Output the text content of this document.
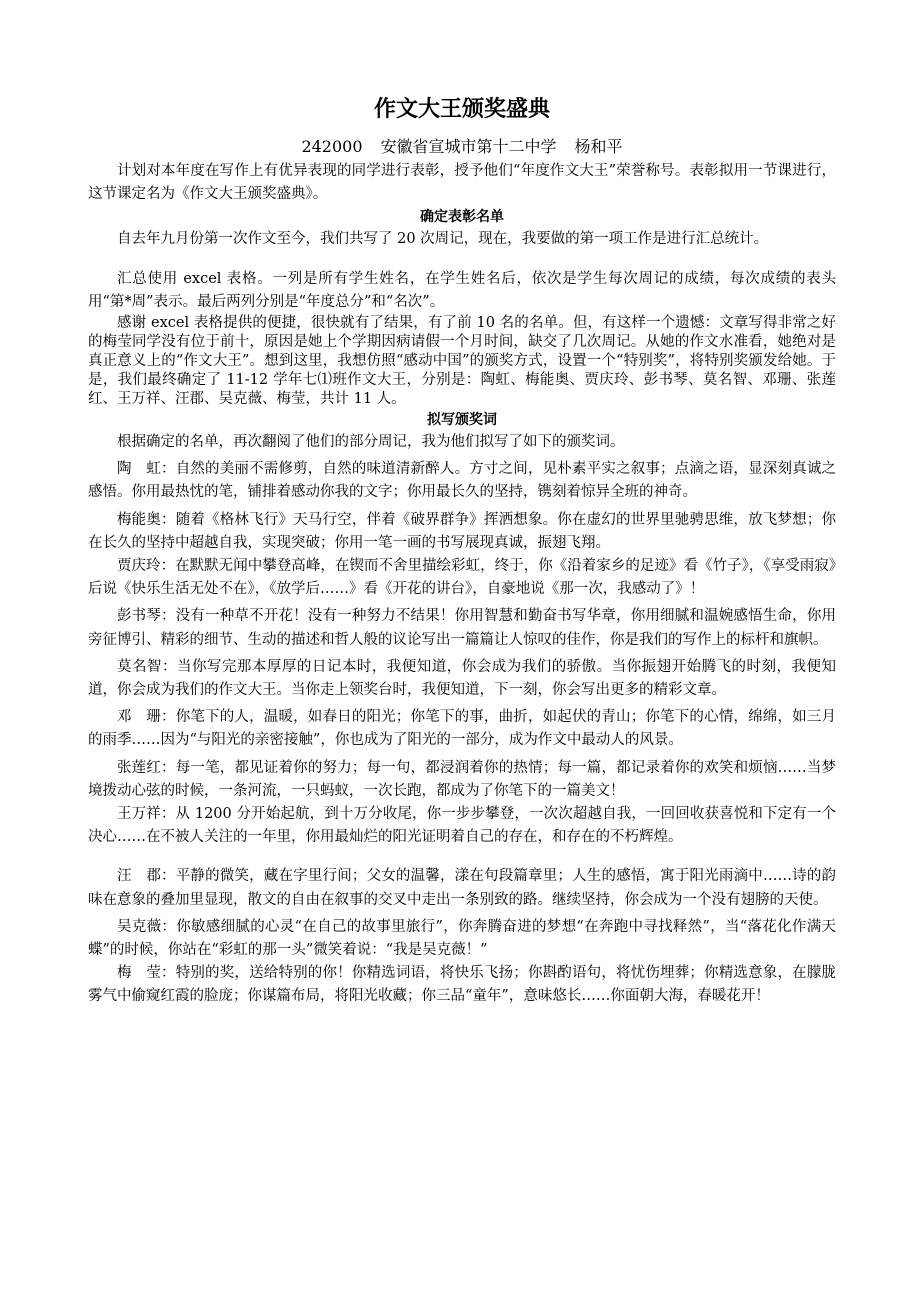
作文大王颁奖盛典
242000 安徽省宣城市第十二中学 杨和平

计划对本年度在写作上有优异表现的同学进行表彰，授予他们“年度作文大王”荣誉称号。表彰拟用一节课进行，这节课定名为《作文大王颁奖盛典》。

确定表彰名单

自去年九月份第一次作文至今，我们共写了 20 次周记，现在，我要做的第一项工作是进行汇总统计。

汇总使用 excel 表格。一列是所有学生姓名，在学生姓名后，依次是学生每次周记的成绩，每次成绩的表头用“第*周”表示。最后两列分别是“年度总分”和“名次”。

感谢 excel 表格提供的便捷，很快就有了结果，有了前 10 名的名单。但，有这样一个遗憾：文章写得非常之好的梅莹同学没有位于前十，原因是她上个学期因病请假一个月时间，缺交了几次周记。从她的作文水准看，她绝对是真正意义上的“作文大王”。想到这里，我想仿照“感动中国”的颁奖方式，设置一个“特别奖”，将特别奖颁发给她。于是，我们最终确定了 11-12 学年七⑴班作文大王，分别是：陶虹、梅能奥、贾庆玲、彭书琴、莫名智、邓珊、张莲红、王万祥、汪郡、吴克薇、梅莹，共计 11 人。

拟写颁奖词

根据确定的名单，再次翻阅了他们的部分周记，我为他们拟写了如下的颁奖词。

陶　虹：自然的美丽不需修剪，自然的味道清新醉人。方寸之间，见朴素平实之叙事；点滴之语，显深刻真诚之感悟。你用最热忱的笔，铺排着感动你我的文字；你用最长久的坚持，镌刻着惊异全班的神奇。

梅能奥：随着《格林飞行》天马行空，伴着《破界群争》挥洒想象。你在虚幻的世界里驰骋思维，放飞梦想；你在长久的坚持中超越自我，实现突破；你用一笔一画的书写展现真诚，振翅飞翔。

贾庆玲：在默默无闻中攀登高峰，在锲而不舍里描绘彩虹，终于，你《沿着家乡的足迹》看《竹子》，《享受雨寂》后说《快乐生活无处不在》，《放学后……》看《开花的讲台》，自豪地说《那一次，我感动了》！

彭书琴：没有一种草不开花！没有一种努力不结果！你用智慧和勤奋书写华章，你用细腻和温婉感悟生命，你用旁征博引、精彩的细节、生动的描述和哲人般的议论写出一篇篇让人惊叹的佳作，你是我们的写作上的标杆和旗帜。

莫名智：当你写完那本厚厚的日记本时，我便知道，你会成为我们的骄傲。当你振翅开始腾飞的时刻，我便知道，你会成为我们的作文大王。当你走上领奖台时，我便知道，下一刻，你会写出更多的精彩文章。

邓　珊：你笔下的人，温暖，如春日的阳光；你笔下的事，曲折，如起伏的青山；你笔下的心情，绵绵，如三月的雨季……因为“与阳光的亲密接触”，你也成为了阳光的一部分，成为作文中最动人的风景。

张莲红：每一笔，都见证着你的努力；每一句，都浸润着你的热情；每一篇，都记录着你的欢笑和烦恼……当梦境拨动心弦的时候，一条河流，一只蚂蚁，一次长跑，都成为了你笔下的一篇美文！

王万祥：从 1200 分开始起航，到十万分收尾，你一步步攀登，一次次超越自我，一回回收获喜悦和下定有一个决心……在不被人关注的一年里，你用最灿烂的阳光证明着自己的存在，和存在的不朽辉煌。

汪　郡：平静的微笑，藏在字里行间；父女的温馨，漾在句段篇章里；人生的感悟，寓于阳光雨滴中……诗的韵味在意象的叠加里显现，散文的自由在叙事的交叉中走出一条别致的路。继续坚持，你会成为一个没有翅膀的天使。

吴克薇：你敏感细腻的心灵“在自己的故事里旅行”，你奔腾奋进的梦想“在奔跑中寻找释然”，当“落花化作满天蝶”的时候，你站在“彩虹的那一头”微笑着说：“我是吴克薇！”

梅　莹：特别的奖，送给特别的你！你精选词语，将快乐飞扬；你斟酌语句，将忧伤埋葬；你精选意象，在朦胧雾气中偷窥红霞的脸庞；你谋篇布局，将阳光收藏；你三品“童年”，意味悠长……你面朝大海，春暖花开！
